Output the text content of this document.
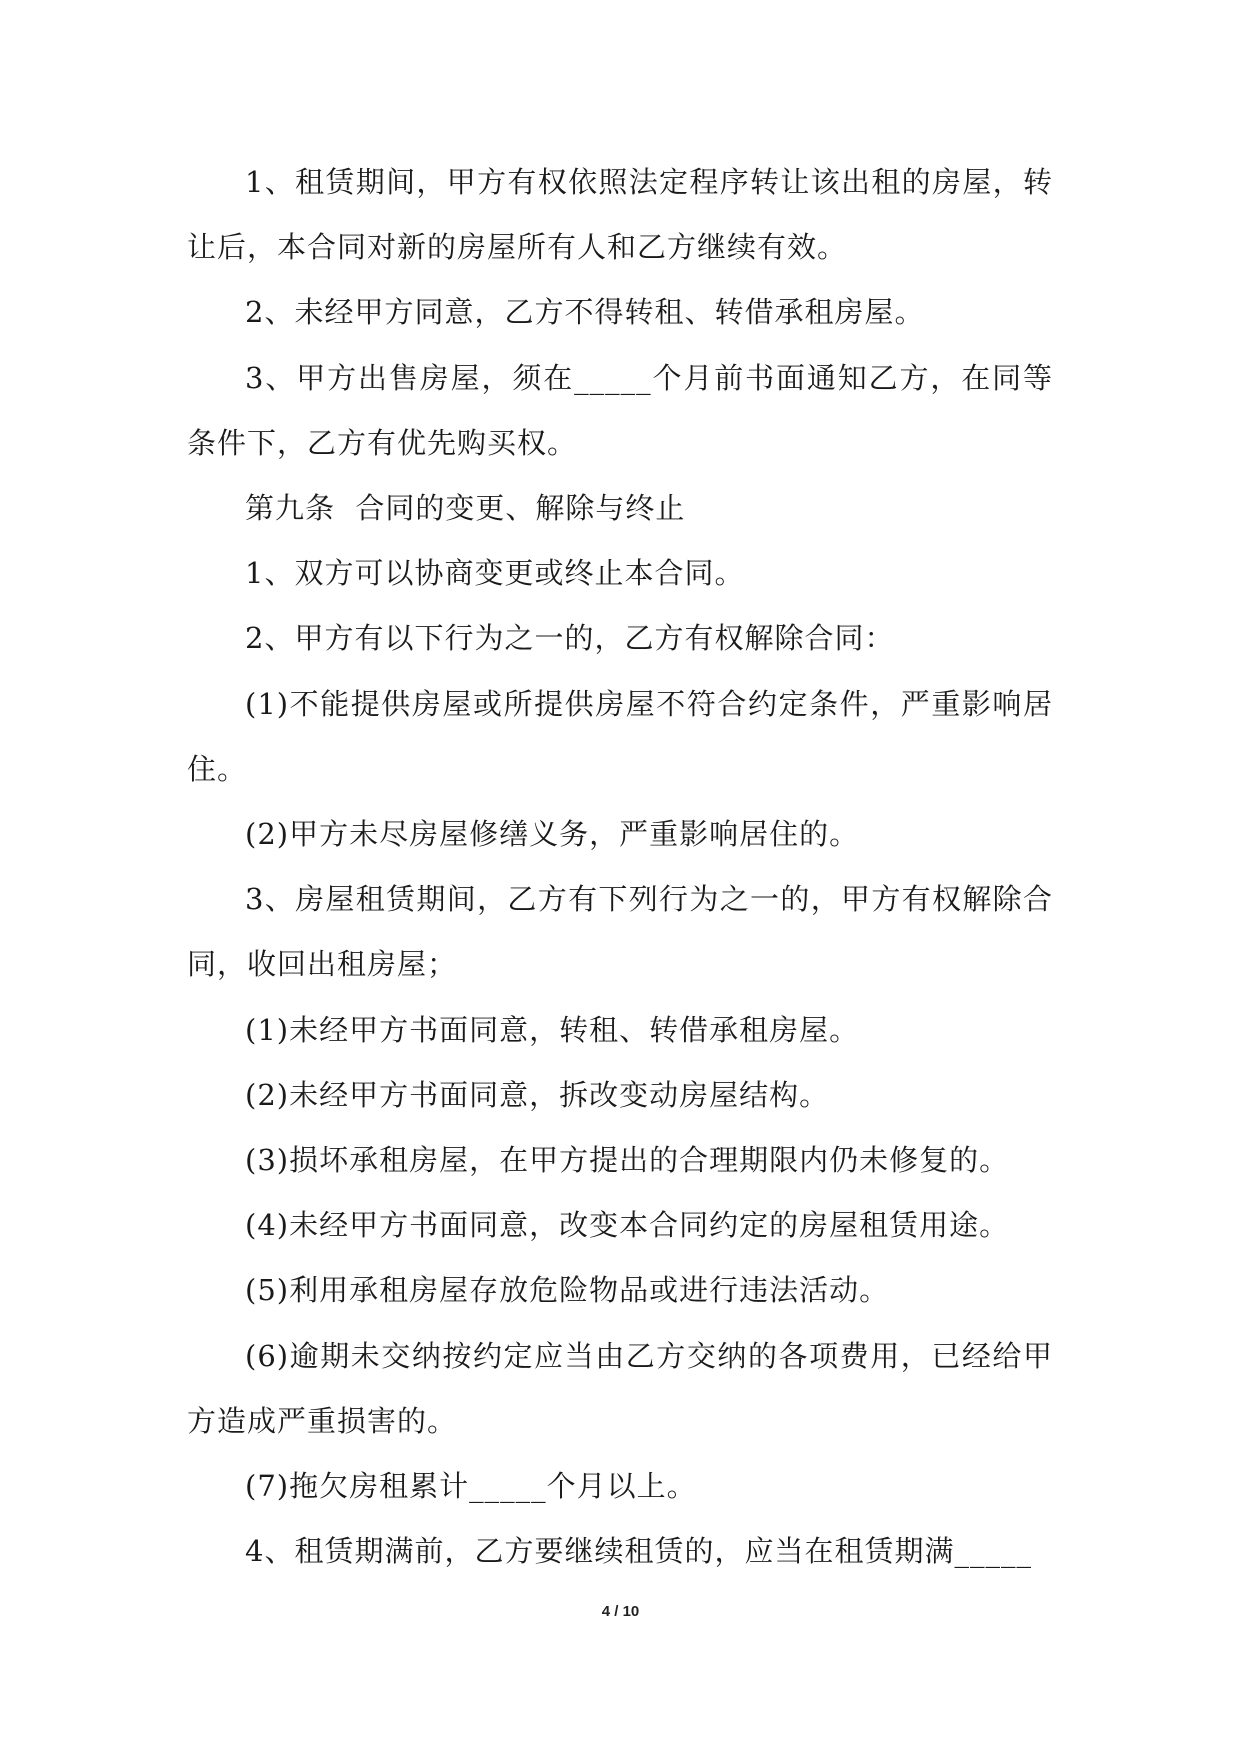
1、租赁期间，甲方有权依照法定程序转让该出租的房屋，转让后，本合同对新的房屋所有人和乙方继续有效。

2、未经甲方同意，乙方不得转租、转借承租房屋。

3、甲方出售房屋，须在_____个月前书面通知乙方，在同等条件下，乙方有优先购买权。

第九条  合同的变更、解除与终止

1、双方可以协商变更或终止本合同。

2、甲方有以下行为之一的，乙方有权解除合同：

(1)不能提供房屋或所提供房屋不符合约定条件，严重影响居住。

(2)甲方未尽房屋修缮义务，严重影响居住的。

3、房屋租赁期间，乙方有下列行为之一的，甲方有权解除合同，收回出租房屋；

(1)未经甲方书面同意，转租、转借承租房屋。

(2)未经甲方书面同意，拆改变动房屋结构。

(3)损坏承租房屋，在甲方提出的合理期限内仍未修复的。

(4)未经甲方书面同意，改变本合同约定的房屋租赁用途。

(5)利用承租房屋存放危险物品或进行违法活动。

(6)逾期未交纳按约定应当由乙方交纳的各项费用，已经给甲方造成严重损害的。

(7)拖欠房租累计_____个月以上。

4、租赁期满前，乙方要继续租赁的，应当在租赁期满_____

4 / 10
